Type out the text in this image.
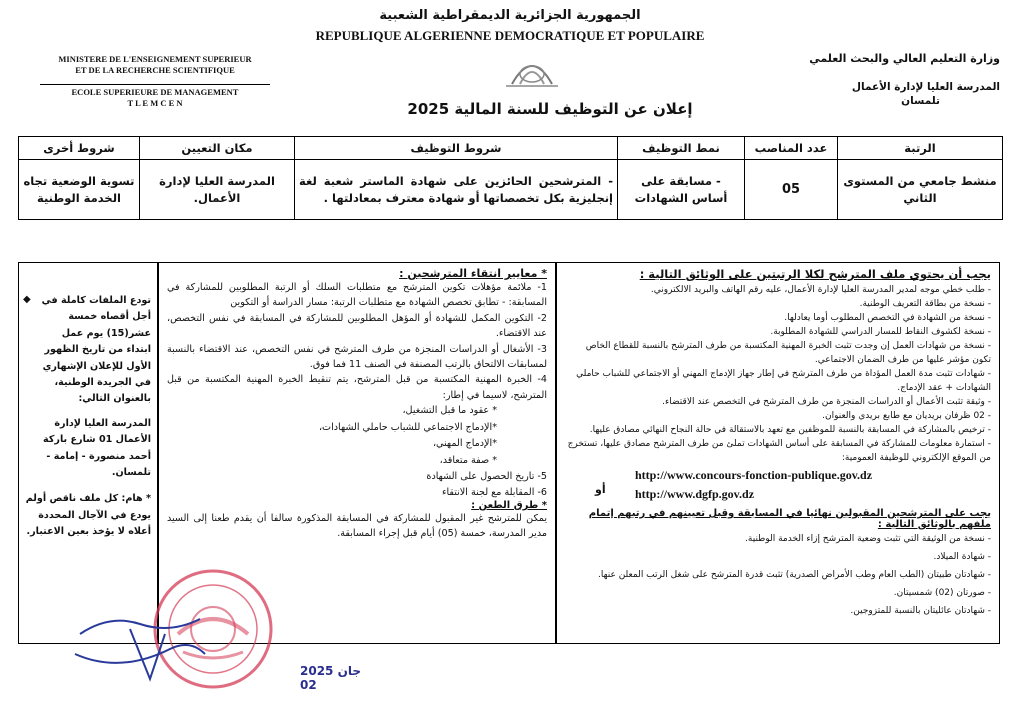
الجمهورية الجزائرية الديمقراطية الشعبية
REPUBLIQUE ALGERIENNE DEMOCRATIQUE ET POPULAIRE
MINISTERE DE L'ENSEIGNEMENT SUPERIEUR
ET DE LA RECHERCHE SCIENTIFIQUE
ECOLE SUPERIEURE DE MANAGEMENT
T L E M C E N
وزارة التعليم العالي والبحث العلمي
المدرسة العليا لإدارة الأعمال
تلمسان
إعلان عن التوظيف للسنة المالية 2025
شروط أخرى	مكان التعيين	شروط التوظيف	نمط التوظيف	عدد المناصب	الرتبة
تسوية الوضعية تجاه الخدمة الوطنية	المدرسة العليا لإدارة الأعمال.	- المترشحين الحائزين على شهادة الماستر شعبة لغة إنجليزية بكل تخصصاتها أو شهادة معترف بمعادلتها .	- مسابقة على أساس الشهادات	05	منشط جامعي من المستوى الثاني
يجب أن يحتوي ملف المترشح لكلا الرتبتين على الوثائق التالية :
- طلب خطي موجه لمدير المدرسة العليا لإدارة الأعمال، عليه رقم الهاتف والبريد الالكتروني.
- نسخة من بطاقة التعريف الوطنية.
- نسخة من الشهادة في التخصص المطلوب أوما يعادلها.
- نسخة لكشوف النقاط للمسار الدراسي للشهادة المطلوبة.
- نسخة من شهادات العمل إن وجدت تثبت الخبرة المهنية المكتسبة من طرف المترشح بالنسبة للقطاع الخاص تكون مؤشر عليها من طرف الضمان الاجتماعي.
- شهادات تثبت مدة العمل المؤداة من طرف المترشح في إطار جهاز الإدماج المهني أو الاجتماعي للشباب حاملي الشهادات + عقد الإدماج.
- وثيقة تثبت الأعمال أو الدراسات المنجزة من طرف المترشح في التخصص عند الاقتضاء.
- 02 ظرفان بريديان مع طابع بريدي والعنوان.
- ترخيص بالمشاركة في المسابقة بالنسبة للموظفين مع تعهد بالاستقالة في حالة النجاح النهائي مصادق عليها.
- استمارة معلومات للمشاركة في المسابقة على أساس الشهادات تملئ من طرف المترشح مصادق عليها، تستخرج من الموقع الإلكتروني للوظيفة العمومية:
http://www.concours-fonction-publique.gov.dz
http://www.dgfp.gov.dz
أو
يجب على المترشحين المقبولين نهائيا في المسابقة وقبل تعيينهم في رتبهم إتمام ملفهم بالوثائق التالية :
- نسخة من الوثيقة التي تثبت وضعية المترشح إزاء الخدمة الوطنية.
- شهادة الميلاد.
- شهادتان طبيتان (الطب العام وطب الأمراض الصدرية) تثبت قدرة المترشح على شغل الرتب المعلن عنها.
- صورتان (02) شمسيتان.
- شهادتان عائليتان بالنسبة للمتزوجين.
* معايير انتقاء المترشحين :
1- ملائمة مؤهلات تكوين المترشح مع متطلبات السلك أو الرتبة المطلوبين للمشاركة في المسابقة: - تطابق تخصص الشهادة مع متطلبات الرتبة: مسار الدراسة أو التكوين
2- التكوين المكمل للشهادة أو المؤهل المطلوبين للمشاركة في المسابقة في نفس التخصص، عند الاقتضاء.
3- الأشغال أو الدراسات المنجزة من طرف المترشح في نفس التخصص، عند الاقتضاء بالنسبة لمسابقات الالتحاق بالرتب المصنفة في الصنف 11 فما فوق.
4- الخبرة المهنية المكتسبة من قبل المترشح، يتم تنقيط الخبرة المهنية المكتسبة من قبل المترشح، لاسيما في إطار:
* عقود ما قبل التشغيل،
*الإدماج الاجتماعي للشباب حاملي الشهادات،
*الإدماج المهني،
* صفة متعاقد،
5- تاريخ الحصول على الشهادة
6- المقابلة مع لجنة الانتقاء
* طرق الطعن :
يمكن للمترشح غير المقبول للمشاركة في المسابقة المذكورة سالفا أن يقدم طعنا إلى السيد مدير المدرسة، خمسة (05) أيام قبل إجراء المسابقة.
◆	تودع الملفات كاملة في أجل أقصاه خمسة عشر(15) يوم عمل ابتداء من تاريخ الظهور الأول للإعلان الإشهاري في الجريدة الوطنية، بالعنوان التالي:
المدرسة العليا لإدارة الأعمال 01 شارع باركة أحمد منصورة - إمامة - تلمسان.
* هام: كل ملف ناقص أولم يودع في الآجال المحددة أعلاه لا يؤخذ بعين الاعتبار.
2025 جان 02
